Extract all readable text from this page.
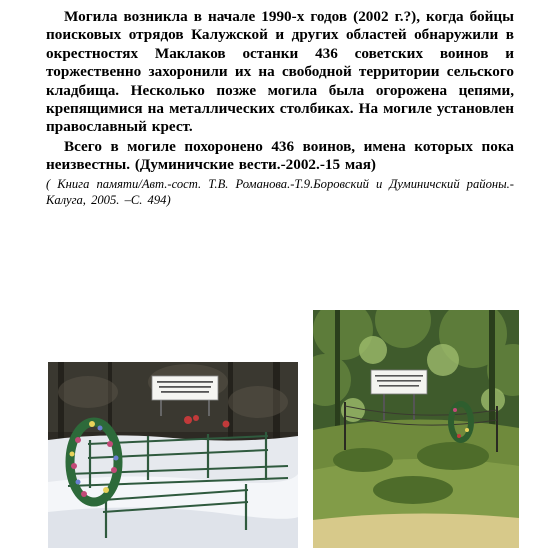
Могила возникла в начале 1990-х годов (2002 г.?), когда бойцы поисковых отрядов Калужской и других областей обнаружили в окрестностях Маклаков останки 436 советских воинов и торжественно захоронили их на свободной территории сельского кладбища. Несколько позже могила была огорожена цепями, крепящимися на металлических столбиках. На могиле установлен православный крест.

Всего в могиле похоронено 436 воинов, имена которых пока неизвестны. (Думиничские вести.-2002.-15 мая)

( Книга памяти/Авт.-сост. Т.В. Романова.-Т.9.Боровский и Думиничский районы.- Калуга, 2005. –С. 494)
